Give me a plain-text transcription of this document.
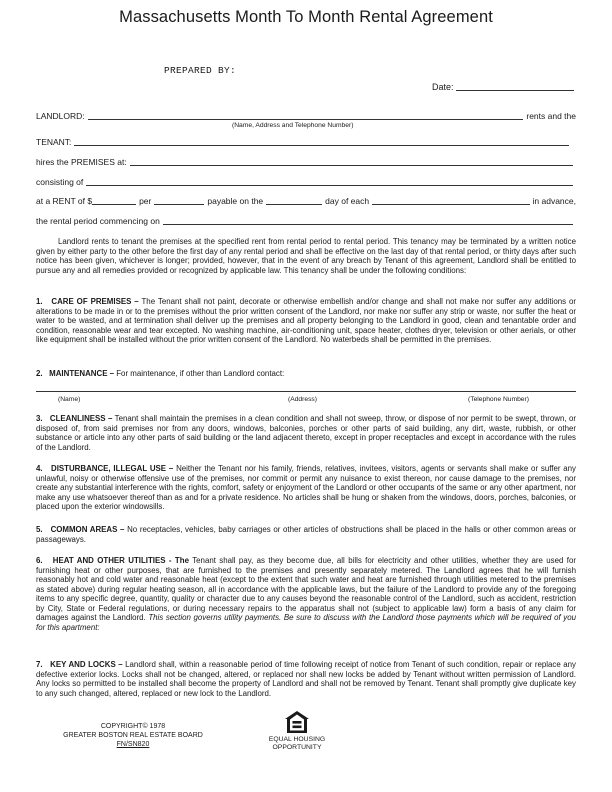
Massachusetts Month To Month Rental Agreement
PREPARED BY:
Date:
LANDLORD:	rents and the
(Name, Address and Telephone Number)
TENANT:
hires the PREMISES at:
consisting of
at a RENT of $	per	payable on the	day of each	in advance,
the rental period commencing on
Landlord rents to tenant the premises at the specified rent from rental period to rental period. This tenancy may be terminated by a written notice given by either party to the other before the first day of any rental period and shall be effective on the last day of that rental period, or thirty days after such notice has been given, whichever is longer; provided, however, that in the event of any breach by Tenant of this agreement, Landlord shall be entitled to pursue any and all remedies provided or recognized by applicable law. This tenancy shall be under the following conditions:
1.   CARE OF PREMISES – The Tenant shall not paint, decorate or otherwise embellish and/or change and shall not make nor suffer any additions or alterations to be made in or to the premises without the prior written consent of the Landlord, nor make nor suffer any strip or waste, nor suffer the heat or water to be wasted, and at termination shall deliver up the premises and all property belonging to the Landlord in good, clean and tenantable order and condition, reasonable wear and tear excepted. No washing machine, air-conditioning unit, space heater, clothes dryer, television or other aerials, or other like equipment shall be installed without the prior written consent of the Landlord. No waterbeds shall be permitted in the premises.
2.   MAINTENANCE – For maintenance, if other than Landlord contact:
(Name)	(Address)	(Telephone Number)
3.   CLEANLINESS – Tenant shall maintain the premises in a clean condition and shall not sweep, throw, or dispose of nor permit to be swept, thrown, or disposed of, from said premises nor from any doors, windows, balconies, porches or other parts of said building, any dirt, waste, rubbish, or other substance or article into any other parts of said building or the land adjacent thereto, except in proper receptacles and except in accordance with the rules of the Landlord.
4.   DISTURBANCE, ILLEGAL USE – Neither the Tenant nor his family, friends, relatives, invitees, visitors, agents or servants shall make or suffer any unlawful, noisy or otherwise offensive use of the premises, nor commit or permit any nuisance to exist thereon, nor cause damage to the premises, nor create any substantial interference with the rights, comfort, safety or enjoyment of the Landlord or other occupants of the same or any other apartment, nor make any use whatsoever thereof than as and for a private residence. No articles shall be hung or shaken from the windows, doors, porches, balconies, or placed upon the exterior windowsills.
5.   COMMON AREAS – No receptacles, vehicles, baby carriages or other articles of obstructions shall be placed in the halls or other common areas or passageways.
6.   HEAT AND OTHER UTILITIES - The Tenant shall pay, as they become due, all bills for electricity and other utilities, whether they are used for furnishing heat or other purposes, that are furnished to the premises and presently separately metered. The Landlord agrees that he will furnish reasonably hot and cold water and reasonable heat (except to the extent that such water and heat are furnished through utilities metered to the premises as stated above) during regular heating season, all in accordance with the applicable laws, but the failure of the Landlord to provide any of the foregoing items to any specific degree, quantity, quality or character due to any causes beyond the reasonable control of the Landlord, such as accident, restriction by City, State or Federal regulations, or during necessary repairs to the apparatus shall not (subject to applicable law) form a basis of any claim for damages against the Landlord. This section governs utility payments. Be sure to discuss with the Landlord those payments which will be required of you for this apartment:
7.   KEY AND LOCKS – Landlord shall, within a reasonable period of time following receipt of notice from Tenant of such condition, repair or replace any defective exterior locks. Locks shall not be changed, altered, or replaced nor shall new locks be added by Tenant without written permission of Landlord. Any locks so permitted to be installed shall become the property of Landlord and shall not be removed by Tenant. Tenant shall promptly give duplicate key to any such changed, altered, replaced or new lock to the Landlord.
COPYRIGHT© 1978
GREATER BOSTON REAL ESTATE BOARD
FN/SN820
EQUAL HOUSING
OPPORTUNITY
